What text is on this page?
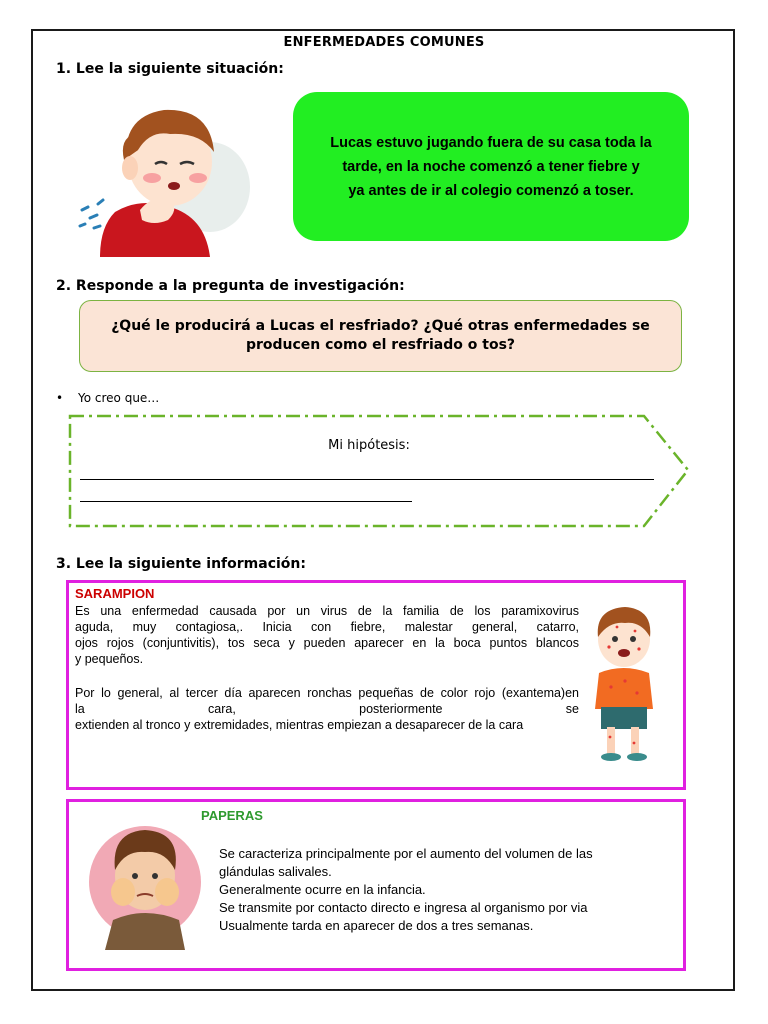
ENFERMEDADES COMUNES
1. Lee la siguiente situación:
Lucas estuvo jugando fuera de su casa toda la
tarde, en la noche comenzó a tener fiebre y
ya antes de ir al colegio comenzó a toser.
2. Responde a la pregunta de investigación:
¿Qué le producirá a Lucas el resfriado? ¿Qué otras enfermedades se
producen como el resfriado o tos?
• Yo creo que…
Mi hipótesis:
3. Lee la siguiente información:
SARAMPION
Es una enfermedad causada por un virus de la familia de los paramixovirus
aguda, muy contagiosa,. Inicia con fiebre, malestar general, catarro,
ojos rojos (conjuntivitis), tos seca y pueden aparecer en la boca puntos blancos
y pequeños.
Por lo general, al tercer día aparecen ronchas pequeñas de color rojo (exantema)en
la cara, posteriormente se
extienden al tronco y extremidades, mientras empiezan a desaparecer de la cara
PAPERAS
Se caracteriza principalmente por el aumento del volumen de las
glándulas salivales.
Generalmente ocurre en la infancia.
Se transmite por contacto directo e ingresa al organismo por via
Usualmente tarda en aparecer de dos a tres semanas.
